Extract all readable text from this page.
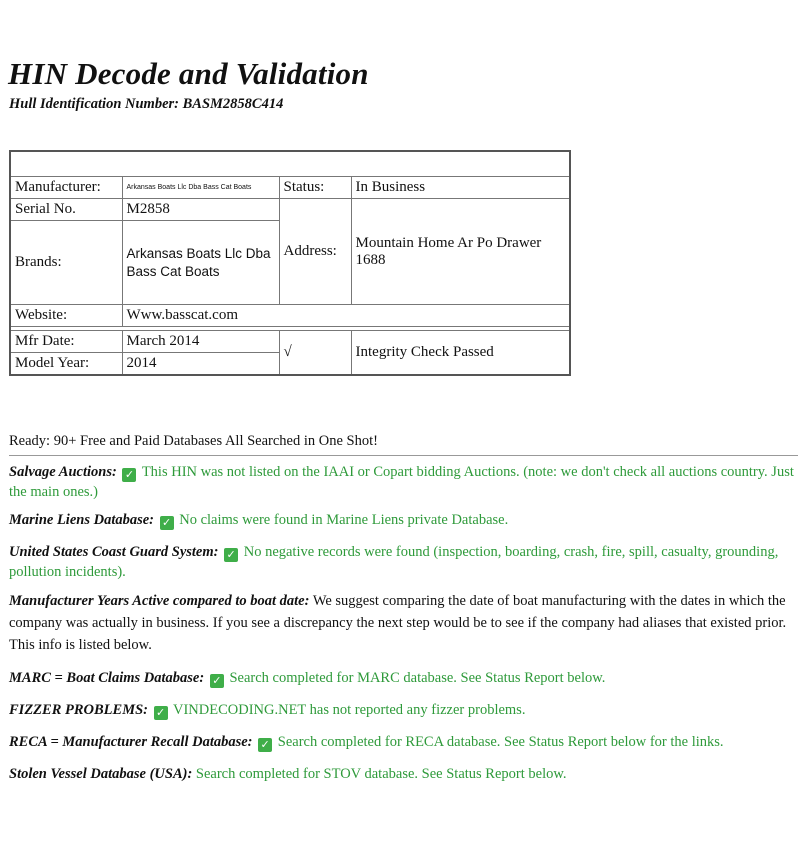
HIN Decode and Validation

Hull Identification Number: BASM2858C414

Manufacturer:	Arkansas Boats Llc Dba Bass Cat Boats	Status:	In Business
Serial No.	M2858	Address:	Mountain Home Ar Po Drawer 1688
Brands:	Arkansas Boats Llc Dba Bass Cat Boats		
Website:	Www.basscat.com		

Mfr Date:	March 2014	√	Integrity Check Passed
Model Year:	2014		

Ready: 90+ Free and Paid Databases All Searched in One Shot!

Salvage Auctions: ✓ This HIN was not listed on the IAAI or Copart bidding Auctions. (note: we don't check all auctions country. Just the main ones.)

Marine Liens Database: ✓ No claims were found in Marine Liens private Database.

United States Coast Guard System: ✓ No negative records were found (inspection, boarding, crash, fire, spill, casualty, grounding, pollution incidents).

Manufacturer Years Active compared to boat date: We suggest comparing the date of boat manufacturing with the dates in which the company was actually in business. If you see a discrepancy the next step would be to see if the company had aliases that existed prior. This info is listed below.

MARC = Boat Claims Database: ✓ Search completed for MARC database. See Status Report below.

FIZZER PROBLEMS: ✓ VINDECODING.NET has not reported any fizzer problems.

RECA = Manufacturer Recall Database: ✓ Search completed for RECA database. See Status Report below for the links.

Stolen Vessel Database (USA): Search completed for STOV database. See Status Report below.
